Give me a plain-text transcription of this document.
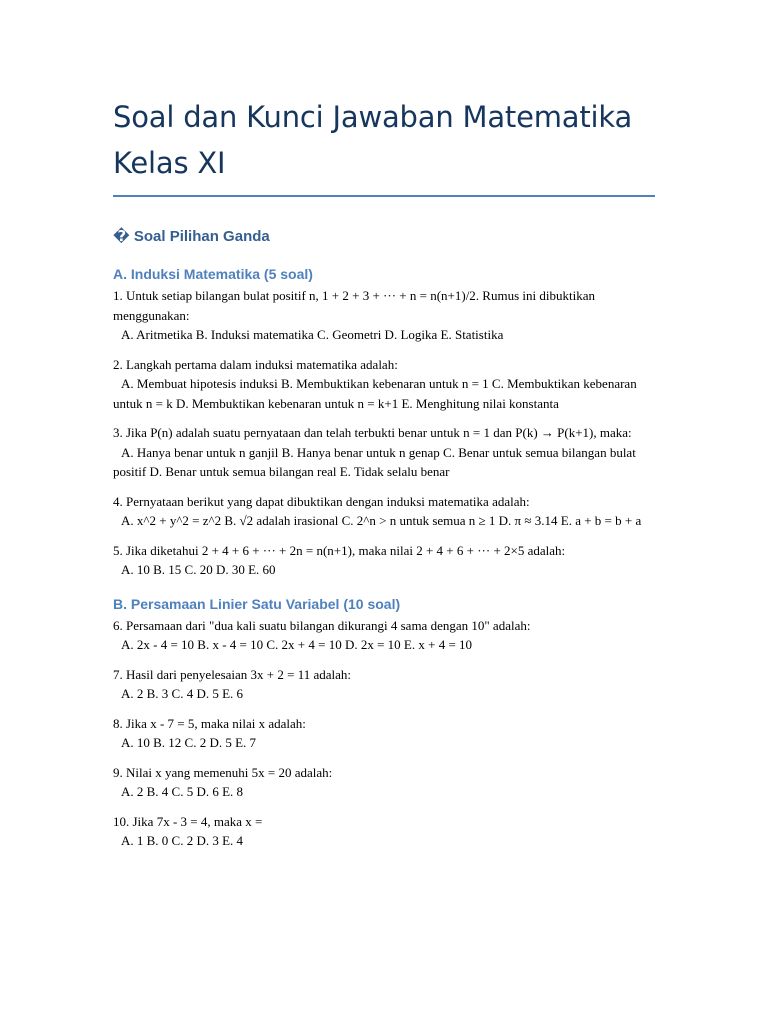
Soal dan Kunci Jawaban Matematika Kelas XI
� Soal Pilihan Ganda
A. Induksi Matematika (5 soal)

1. Untuk setiap bilangan bulat positif n, 1 + 2 + 3 + ··· + n = n(n+1)/2. Rumus ini dibuktikan menggunakan:
A. Aritmetika B. Induksi matematika C. Geometri D. Logika E. Statistika

2. Langkah pertama dalam induksi matematika adalah:
A. Membuat hipotesis induksi B. Membuktikan kebenaran untuk n = 1 C. Membuktikan kebenaran untuk n = k D. Membuktikan kebenaran untuk n = k+1 E. Menghitung nilai konstanta

3. Jika P(n) adalah suatu pernyataan dan telah terbukti benar untuk n = 1 dan P(k) → P(k+1), maka:
A. Hanya benar untuk n ganjil B. Hanya benar untuk n genap C. Benar untuk semua bilangan bulat positif D. Benar untuk semua bilangan real E. Tidak selalu benar

4. Pernyataan berikut yang dapat dibuktikan dengan induksi matematika adalah:
A. x^2 + y^2 = z^2 B. √2 adalah irasional C. 2^n > n untuk semua n ≥ 1 D. π ≈ 3.14 E. a + b = b + a

5. Jika diketahui 2 + 4 + 6 + ··· + 2n = n(n+1), maka nilai 2 + 4 + 6 + ··· + 2×5 adalah:
A. 10 B. 15 C. 20 D. 30 E. 60

B. Persamaan Linier Satu Variabel (10 soal)

6. Persamaan dari "dua kali suatu bilangan dikurangi 4 sama dengan 10" adalah:
A. 2x - 4 = 10 B. x - 4 = 10 C. 2x + 4 = 10 D. 2x = 10 E. x + 4 = 10

7. Hasil dari penyelesaian 3x + 2 = 11 adalah:
A. 2 B. 3 C. 4 D. 5 E. 6

8. Jika x - 7 = 5, maka nilai x adalah:
A. 10 B. 12 C. 2 D. 5 E. 7

9. Nilai x yang memenuhi 5x = 20 adalah:
A. 2 B. 4 C. 5 D. 6 E. 8

10. Jika 7x - 3 = 4, maka x =
A. 1 B. 0 C. 2 D. 3 E. 4
